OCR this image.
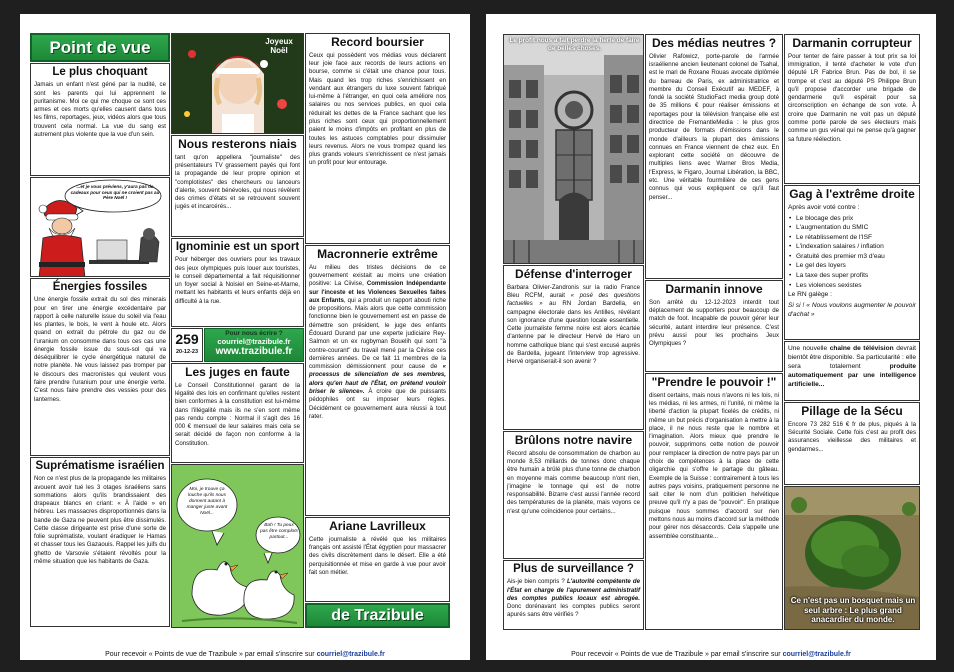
Point de vue
Le plus choquant
Jamais un enfant n'est géné par la nudité, ce sont les parents qui lui apprennent le puritanisme. Moi ce qui me choque ce sont ces armes et ces morts qu'elles causent dans tous les films, reportages, jeux, vidéos alors que tous trouvent cela normal. La vue du sang est autrement plus violente que la vue d'un sein.
...et je vous préviens, y'aura pas de cadeaux pour ceux qui ne croient pas au Père Noël !
Énergies fossiles
Une énergie fossile extrait du sol des minerais pour en tirer une énergie excédentaire par rapport à celle naturelle issue du soleil via l'eau les plantes, le bois, le vent à houle etc. Alors quand on extrait du pétrole du gaz ou de l'uranium on consomme dans tous ces cas une énergie fossile issue du sous-sol qui va déséquilibrer le cycle énergétique naturel de notre planète. Ne vous laissez pas tromper par le discours des macronistes qui veulent vous faire prendre l'uranium pour une énergie verte. C'est nous faire prendre des vessies pour des lanternes.
Suprématisme israélien
Non ce n'est plus de la propagande les militaires avouent avoir tué les 3 otages israéliens sans sommations alors qu'ils brandissaient des drapeaux blancs en criant: « À l'aide » en hébreu. Les massacres disproportionnés dans la bande de Gaza ne peuvent plus être dissimulés. Cette classe dirigeante est prise d'une sorte de folie suprématiste, voulant éradiquer le Hamas et chasser tous les Gazaouis. Rappel les juifs du ghetto de Varsovie s'étaient révoltés pour la même situation que les habitants de Gaza.
Joyeux Noël
Nous resterons niais
tant qu'on appellera "journaliste" des présentateurs TV grassement payés qui font la propagande de leur propre opinion et "complotistes" des chercheurs ou lanceurs d'alerte, souvent bénévoles, qui nous révèlent des crimes d'états et se retrouvent souvent jugés et incarcérés...
Ignominie est un sport
Pour héberger des ouvriers pour les travaux des jeux olympiques puis louer aux touristes, le conseil départemental a fait réquisitionner un foyer social à Noisiel en Seine-et-Marne, mettant les habitants et leurs enfants déjà en difficulté à la rue.
259
20-12-23
Pour nous écrire ?
courriel@trazibule.fr
www.trazibule.fr
Les juges en faute
Le Conseil Constitutionnel garant de la légalité des lois en confirmant qu'elles restent bien conformes à la constitution est lui-même dans l'illégalité mais ils ne s'en sont même pas rendu compte : Normal il s'agit des 16 000 € mensuel de leur salaires mais cela se serait décidé de façon non conforme à la Constitution.
Moi, je trouve ça louche qu'ils nous donnent autant à manger juste avant Noël...
Bah ! Tu peux pas être complots partout...
Record boursier
Ceux qui possèdent vos médias vous déclarent leur joie face aux records de leurs actions en bourse, comme si c'était une chance pour tous. Mais quand les trop riches s'enrichissent en vendant aux étrangers du luxe souvent fabriqué lui-même à l'étranger, en quoi cela améliore nos salaires ou nos services publics, en quoi cela réduirait les dettes de la France sachant que les plus riches sont ceux qui proportionnellement paient le moins d'impôts en profitant en plus de toutes les astuces comptables pour dissimuler leurs revenus. Alors ne vous trompez quand les plus grands voleurs s'enrichissent ce n'est jamais un profit pour leur entourage.
Macronnerie extrême
Au milieu des tristes décisions de ce gouvernement existait au moins une création positive: La Ciivise, Commission Indépendante sur l'inceste et les Violences Sexuelles faites aux Enfants, qui a produit un rapport abouti riche de propositions. Mais alors que cette commission fonctionne bien le gouvernement est en passe de démettre son président, le juge des enfants Édouard Durand par une experte judiciaire Rey-Salmon et un ex rugbyman Bouelih qui sont "à contre-courant" du travail mené par la Ciivise ces dernières années. De ce fait 11 membres de la commission démissionnent pour cause de « processus de silenciation de ses membres, alors qu'en haut de l'État, on prétend vouloir briser le silence». À croire que de puissants pédophiles ont su imposer leurs règles. Décidément ce gouvernement aura réussi à tout rater.
Ariane Lavrilleux
Cette journaliste a révélé que les militaires français ont assisté l'État égyptien pour massacrer des civils discrètement dans le désert. Elle a été perquisitionnée et mise en garde à vue pour avoir fait son métier.
de Trazibule
Pour recevoir « Points de vue de Trazibule » par email s'inscrire sur courriel@trazibule.fr
Le profit nous a fait perdre la fierté de faire de belles choses.
Défense d'interroger
Barbara Olivier-Zandronis sur la radio France Bleu RCFM, aurait « posé des questions factuelles » au RN Jordan Bardella, en campagne électorale dans les Antilles, révélant son ignorance d'une question locale essentielle. Cette journaliste femme noire est alors écartée d'antenne par le directeur Hervé de Haro un homme catholique blanc qui s'est excusé auprès de Bardella, jugeant l'interview trop agressive. Hervé organiserait-il son avenir ?
Brûlons notre navire
Record absolu de consommation de charbon au monde 8,53 milliards de tonnes donc chaque être humain a brûlé plus d'une tonne de charbon en moyenne mais comme beaucoup n'ont rien, j'imagine le tonnage qui est de notre responsabilité. Bizarre c'est aussi l'année record des températures de la planète, mais voyons ce n'est qu'une coïncidence pour certains...
Plus de surveillance ?
Ais-je bien compris ? L'autorité compétente de l'État en charge de l'apurement administratif des comptes publics locaux est abrogée. Donc dorénavant les comptes publics seront apurés sans être vérifiés ?
Des médias neutres ?
Olivier Rafowicz, porte-parole de l'armée israélienne ancien lieutenant colonel de Tsahal, est le mari de Roxane Rouas avocate diplômée du barreau de Paris, ex administratrice et membre du Conseil Exécutif au MEDEF, à fondé la société StudioFact media group doté de 35 millions € pour réaliser émissions et reportages pour la télévision française elle est directrice de FremantleMedia : le plus gros producteur de formats d'émissions dans le monde d'ailleurs la plupart des émissions connues en France viennent de chez eux. En explorant cette société on découvre de multiples liens avec Warner Bros Media, l'Express, le Figaro, Journal Libération, la BBC, etc. Une véritable fourmilière de ces gens connus qui vous expliquent ce qu'il faut penser...
Darmanin innove
Son arrêté du 12-12-2023 interdit tout déplacement de supporters pour beaucoup de match de foot. Incapable de pouvoir gérer leur sécurité, autant interdire leur présence. C'est prévu aussi pour les prochains Jeux Olympiques ?
"Prendre le pouvoir !"
disent certains, mais nous n'avons ni les lois, ni les médias, ni les armes, ni l'unité, ni même la liberté d'action la plupart ficelés de crédits, ni même un but précis d'organisation à mettre à la place, il ne nous reste que le nombre et l'imagination. Alors mieux que prendre le pouvoir, supprimons cette notion de pouvoir pour remplacer la direction de notre pays par un choix de compétences à la place de cette oligarchie qui s'offre le partage du gâteau. Exemple de la Suisse : contrairement à tous les autres pays voisins, pratiquement personne ne sait citer le nom d'un politicien helvétique preuve qu'il n'y a pas de "pouvoir". En pratique puisque nous sommes d'accord sur rien mettons nous au moins d'accord sur la méthode pour gérer nos désaccords. Cela s'appelle une assemblée constituante...
Darmanin corrupteur
Pour tenter de faire passer à tout prix sa loi immigration, il tenté d'acheter le vote d'un député LR Fabrice Brun. Pas de bol, il se trompe et c'est au député PS Philippe Brun qu'il propose d'accorder une brigade de gendarmerie qu'il espérait pour sa circonscription en échange de son vote. À croire que Darmanin ne voit pas un député comme porte parole de ses électeurs mais comme un gus vénal qui ne pense qu'à gagner sa future réélection.
Gag à l'extrême droite
Après avoir voté contre :
• Le blocage des prix
• L'augmentation du SMIC
• Le rétablissement de l'ISF
• L'indexation salaires / inflation
• Gratuité des premier m3 d'eau
• Le gel des loyers
• La taxe des super profits
• Les violences sexistes
Le RN galège :
Si si ! « Nous voulons augmenter le pouvoir d'achat »
Une nouvelle chaîne de télévision devrait bientôt être disponible. Sa particularité : elle sera totalement	produite automatiquement par une intelligence artificielle...
Pillage de la Sécu
Encore 73 282 516 € fr de plus, piqués à la Sécurité Sociale. Cette fois c'est au profit des assurances vieillesse des militaires et gendarmes...
Ce n'est pas un bosquet mais un seul arbre : Le plus grand anacardier du monde.
Pour recevoir « Points de vue de Trazibule » par email s'inscrire sur courriel@trazibule.fr
